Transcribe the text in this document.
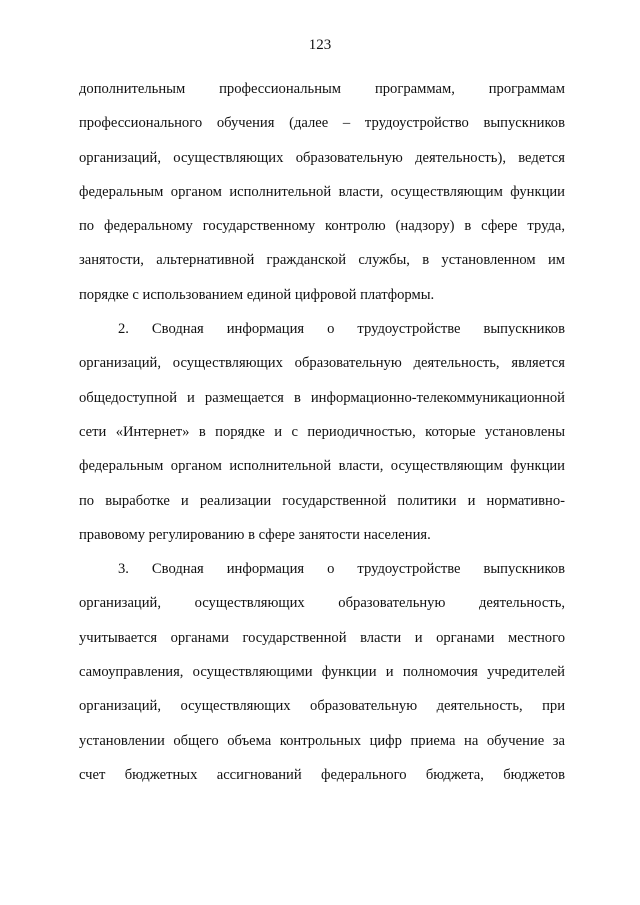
123
дополнительным профессиональным программам, программам
профессионального обучения (далее – трудоустройство выпускников
организаций, осуществляющих образовательную деятельность), ведется
федеральным органом исполнительной власти, осуществляющим функции
по федеральному государственному контролю (надзору) в сфере труда,
занятости, альтернативной гражданской службы, в установленном им
порядке с использованием единой цифровой платформы.
2. Сводная информация о трудоустройстве выпускников
организаций, осуществляющих образовательную деятельность, является
общедоступной и размещается в информационно-телекоммуникационной
сети «Интернет» в порядке и с периодичностью, которые установлены
федеральным органом исполнительной власти, осуществляющим функции
по выработке и реализации государственной политики и нормативно-
правовому регулированию в сфере занятости населения.
3. Сводная информация о трудоустройстве выпускников
организаций, осуществляющих образовательную деятельность,
учитывается органами государственной власти и органами местного
самоуправления, осуществляющими функции и полномочия учредителей
организаций, осуществляющих образовательную деятельность, при
установлении общего объема контрольных цифр приема на обучение за
счет бюджетных ассигнований федерального бюджета, бюджетов
